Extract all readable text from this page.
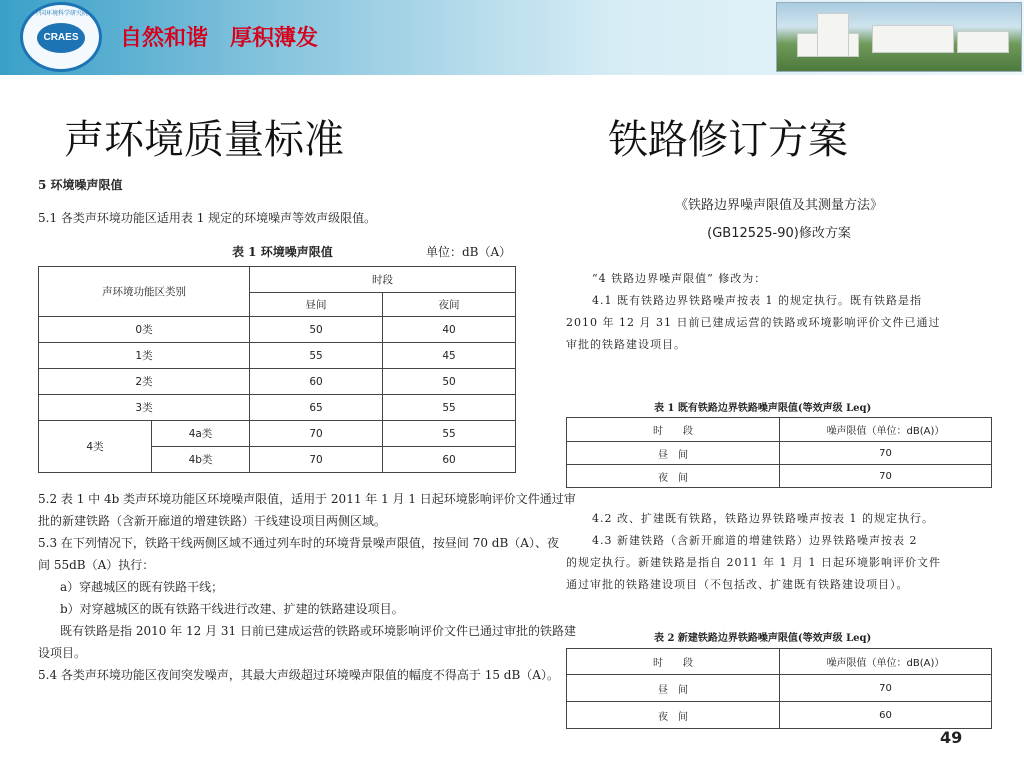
中国环境科学研究院
CRAES 自然和谐　厚积薄发
声环境质量标准	铁路修订方案
5 环境噪声限值
5.1 各类声环境功能区适用表 1 规定的环境噪声等效声级限值。
表 1 环境噪声限值	单位：dB（A）
声环境功能区类别		时段	
		昼间	夜间
0类		50	40
1类		55	45
2类		60	50
3类		65	55
4类	4a类	70	55
	4b类	70	60
5.2 表 1 中 4b 类声环境功能区环境噪声限值，适用于 2011 年 1 月 1 日起环境影响评价文件通过审
批的新建铁路（含新开廊道的增建铁路）干线建设项目两侧区域。
5.3 在下列情况下，铁路干线两侧区域不通过列车时的环境背景噪声限值，按昼间 70 dB（A）、夜
间 55dB（A）执行：
a）穿越城区的既有铁路干线；
b）对穿越城区的既有铁路干线进行改建、扩建的铁路建设项目。
既有铁路是指 2010 年 12 月 31 日前已建成运营的铁路或环境影响评价文件已通过审批的铁路建
设项目。
5.4 各类声环境功能区夜间突发噪声，其最大声级超过环境噪声限值的幅度不得高于 15 dB（A）。
《铁路边界噪声限值及其测量方法》
(GB12525-90)修改方案
“4 铁路边界噪声限值” 修改为：
4.1 既有铁路边界铁路噪声按表 1 的规定执行。既有铁路是指
2010 年 12 月 31 日前已建成运营的铁路或环境影响评价文件已通过
审批的铁路建设项目。
表 1 既有铁路边界铁路噪声限值(等效声级 Leq)
时　　段	噪声限值（单位：dB(A)）
昼　间	70
夜　间	70
4.2 改、扩建既有铁路，铁路边界铁路噪声按表 1 的规定执行。
4.3 新建铁路（含新开廊道的增建铁路）边界铁路噪声按表 2
的规定执行。新建铁路是指自 2011 年 1 月 1 日起环境影响评价文件
通过审批的铁路建设项目（不包括改、扩建既有铁路建设项目）。
表 2 新建铁路边界铁路噪声限值(等效声级 Leq)
时　　段	噪声限值（单位：dB(A)）
昼　间	70
夜　间	60
49
